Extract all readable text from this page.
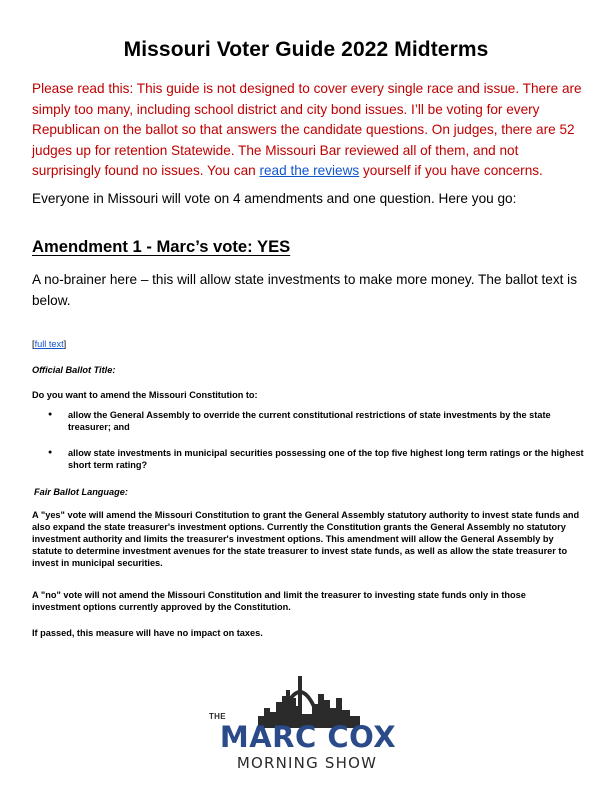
Missouri Voter Guide 2022 Midterms
Please read this: This guide is not designed to cover every single race and issue. There are simply too many, including school district and city bond issues. I’ll be voting for every Republican on the ballot so that answers the candidate questions. On judges, there are 52 judges up for retention Statewide. The Missouri Bar reviewed all of them, and not surprisingly found no issues. You can read the reviews yourself if you have concerns.
Everyone in Missouri will vote on 4 amendments and one question. Here you go:
Amendment 1 - Marc’s vote: YES
A no-brainer here – this will allow state investments to make more money. The ballot text is below.
[full text]
Official Ballot Title:
Do you want to amend the Missouri Constitution to:
● allow the General Assembly to override the current constitutional restrictions of state investments by the state treasurer; and
● allow state investments in municipal securities possessing one of the top five highest long term ratings or the highest short term rating?
Fair Ballot Language:
A "yes" vote will amend the Missouri Constitution to grant the General Assembly statutory authority to invest state funds and also expand the state treasurer's investment options. Currently the Constitution grants the General Assembly no statutory investment authority and limits the treasurer's investment options. This amendment will allow the General Assembly by statute to determine investment avenues for the state treasurer to invest state funds, as well as allow the state treasurer to invest in municipal securities.
A "no" vote will not amend the Missouri Constitution and limit the treasurer to investing state funds only in those investment options currently approved by the Constitution.
If passed, this measure will have no impact on taxes.
THE
MARC COX
MORNING SHOW
